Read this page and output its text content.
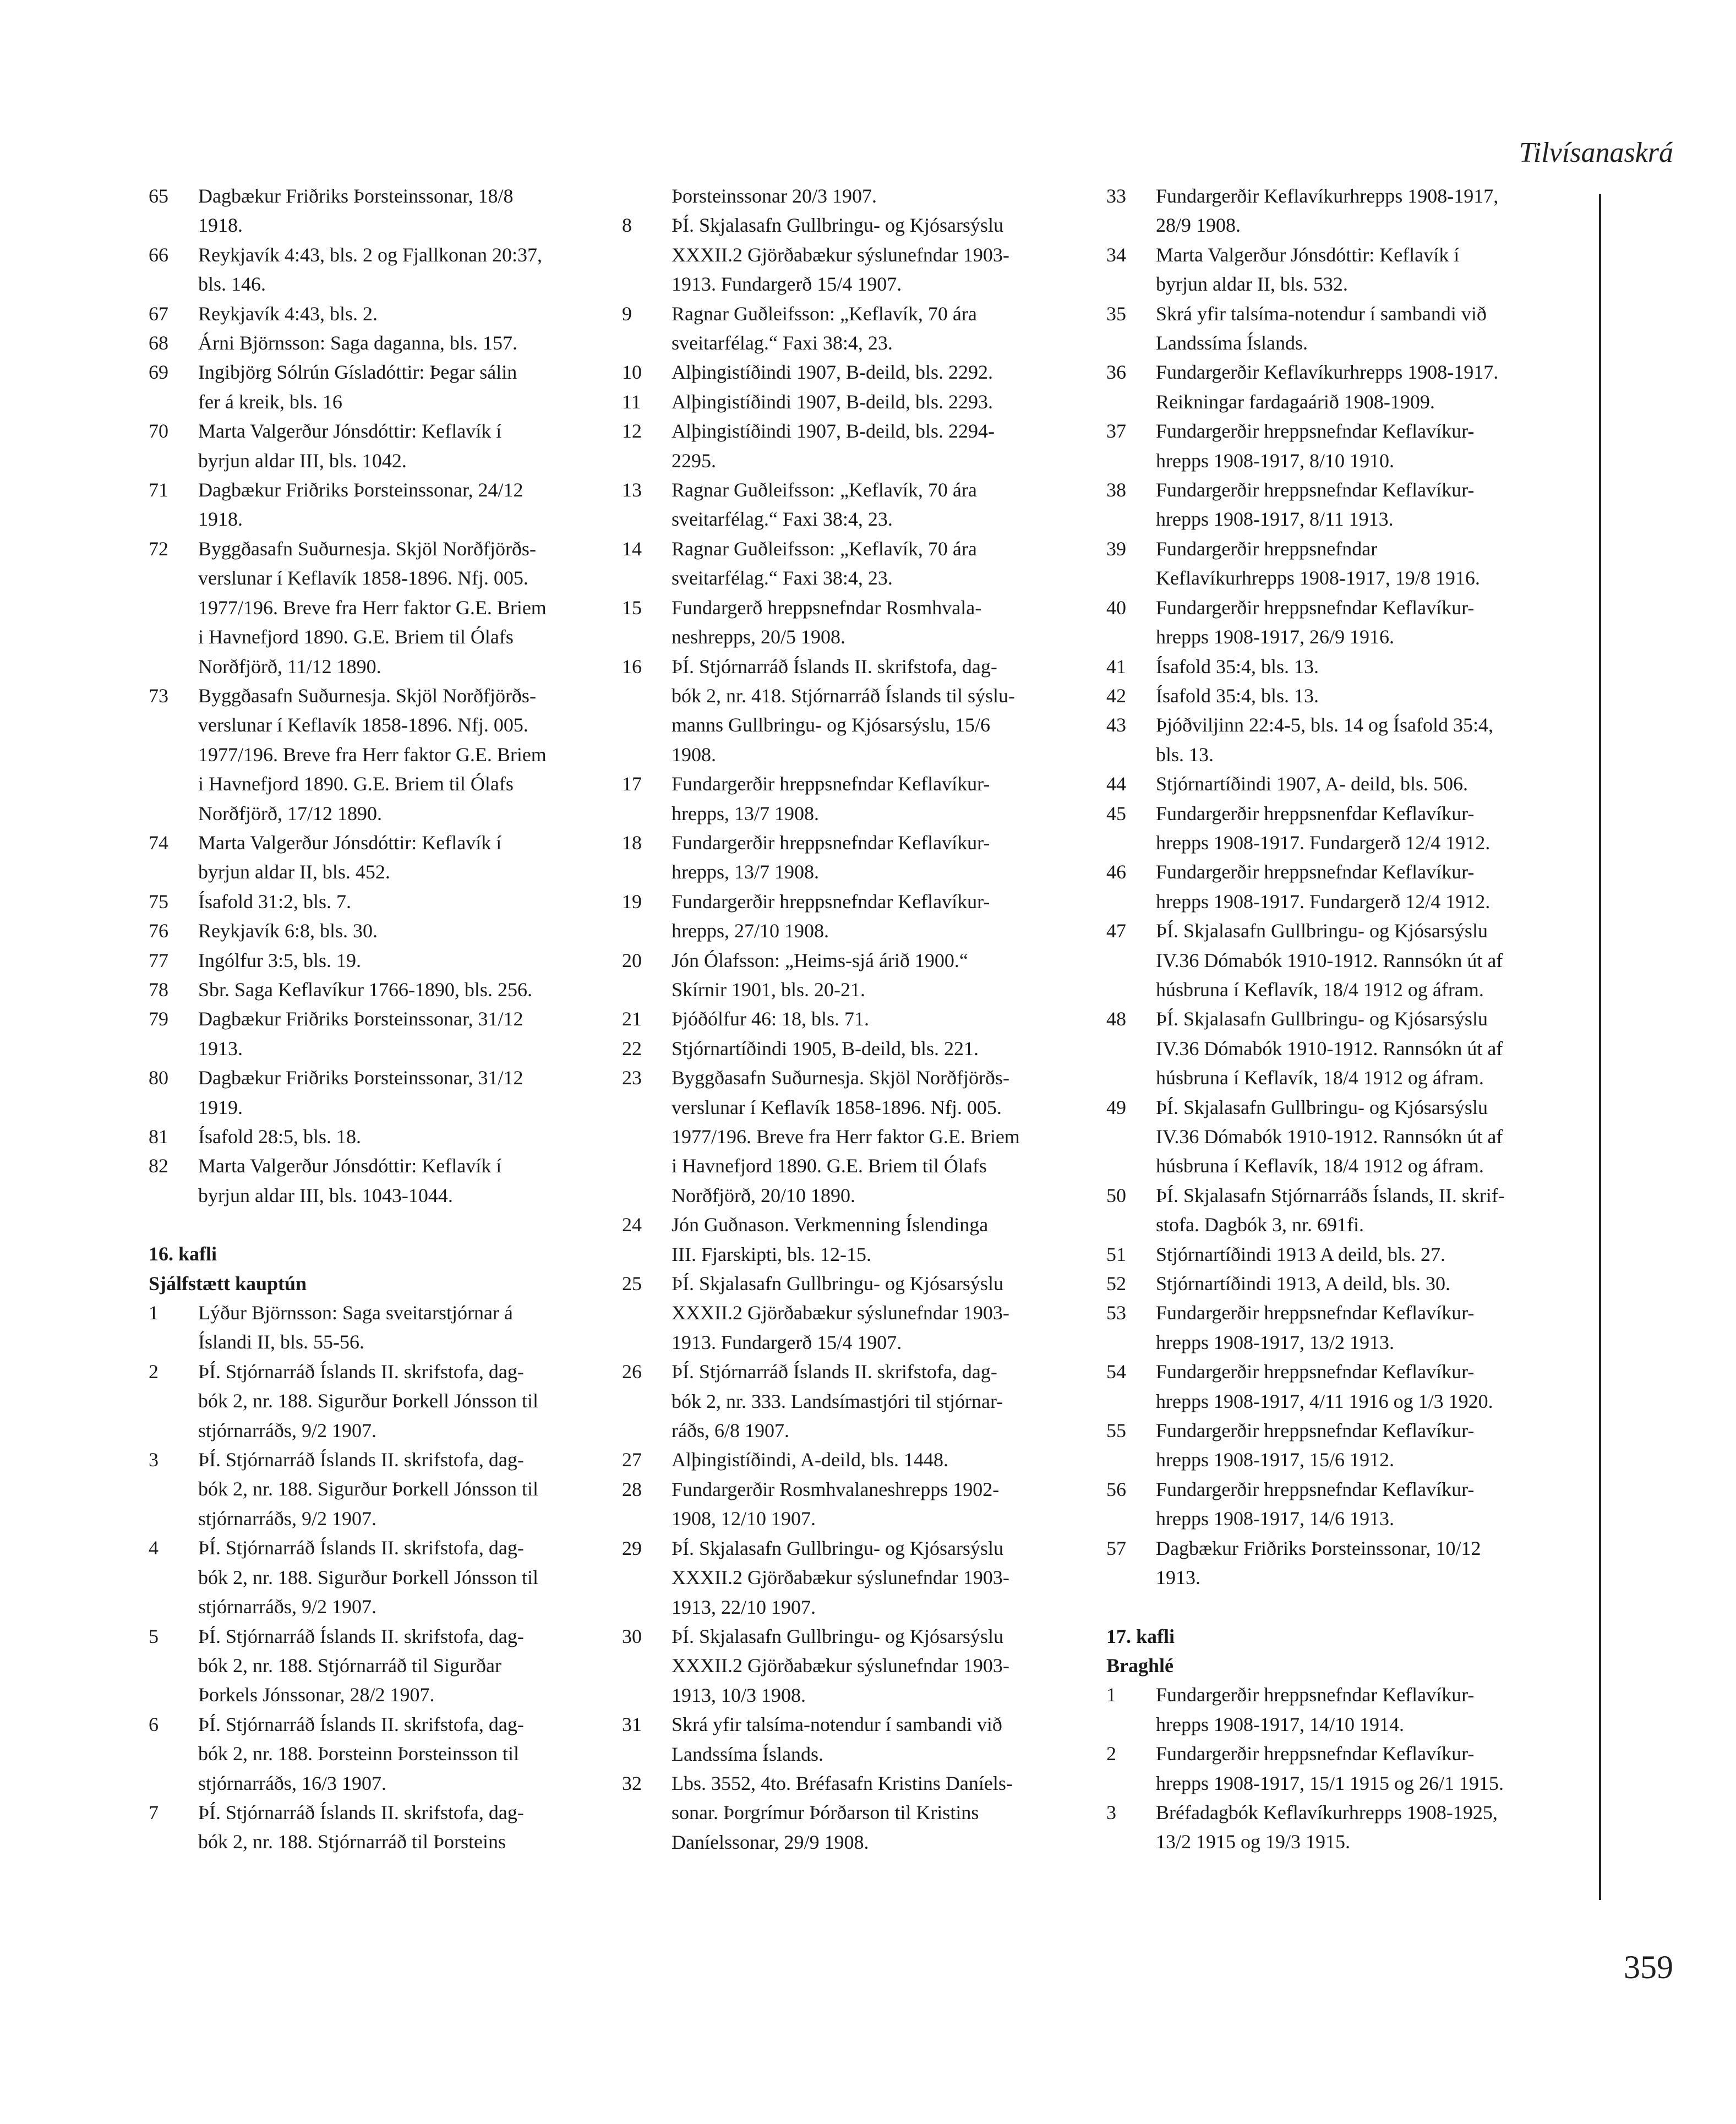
Tilvísanaskrá
65	Dagbækur Friðriks Þorsteinssonar, 18/8
1918.
66	Reykjavík 4:43, bls. 2 og Fjallkonan 20:37,
bls. 146.
67	Reykjavík 4:43, bls. 2.
68	Árni Björnsson: Saga daganna, bls. 157.
69	Ingibjörg Sólrún Gísladóttir: Þegar sálin
fer á kreik, bls. 16
70	Marta Valgerður Jónsdóttir: Keflavík í
byrjun aldar III, bls. 1042.
71	Dagbækur Friðriks Þorsteinssonar, 24/12
1918.
72	Byggðasafn Suðurnesja. Skjöl Norðfjörðs-
verslunar í Keflavík 1858-1896. Nfj. 005.
1977/196. Breve fra Herr faktor G.E. Briem
i Havnefjord 1890. G.E. Briem til Ólafs
Norðfjörð, 11/12 1890.
73	Byggðasafn Suðurnesja. Skjöl Norðfjörðs-
verslunar í Keflavík 1858-1896. Nfj. 005.
1977/196. Breve fra Herr faktor G.E. Briem
i Havnefjord 1890. G.E. Briem til Ólafs
Norðfjörð, 17/12 1890.
74	Marta Valgerður Jónsdóttir: Keflavík í
byrjun aldar II, bls. 452.
75	Ísafold 31:2, bls. 7.
76	Reykjavík 6:8, bls. 30.
77	Ingólfur 3:5, bls. 19.
78	Sbr. Saga Keflavíkur 1766-1890, bls. 256.
79	Dagbækur Friðriks Þorsteinssonar, 31/12
1913.
80	Dagbækur Friðriks Þorsteinssonar, 31/12
1919.
81	Ísafold 28:5, bls. 18.
82	Marta Valgerður Jónsdóttir: Keflavík í
byrjun aldar III, bls. 1043-1044.
16. kafli
Sjálfstætt kauptún
1	Lýður Björnsson: Saga sveitarstjórnar á
Íslandi II, bls. 55-56.
2	ÞÍ. Stjórnarráð Íslands II. skrifstofa, dag-
bók 2, nr. 188. Sigurður Þorkell Jónsson til
stjórnarráðs, 9/2 1907.
3	ÞÍ. Stjórnarráð Íslands II. skrifstofa, dag-
bók 2, nr. 188. Sigurður Þorkell Jónsson til
stjórnarráðs, 9/2 1907.
4	ÞÍ. Stjórnarráð Íslands II. skrifstofa, dag-
bók 2, nr. 188. Sigurður Þorkell Jónsson til
stjórnarráðs, 9/2 1907.
5	ÞÍ. Stjórnarráð Íslands II. skrifstofa, dag-
bók 2, nr. 188. Stjórnarráð til Sigurðar
Þorkels Jónssonar, 28/2 1907.
6	ÞÍ. Stjórnarráð Íslands II. skrifstofa, dag-
bók 2, nr. 188. Þorsteinn Þorsteinsson til
stjórnarráðs, 16/3 1907.
7	ÞÍ. Stjórnarráð Íslands II. skrifstofa, dag-
bók 2, nr. 188. Stjórnarráð til Þorsteins
Þorsteinssonar 20/3 1907.
8	ÞÍ. Skjalasafn Gullbringu- og Kjósarsýslu
XXXII.2 Gjörðabækur sýslunefndar 1903-
1913. Fundargerð 15/4 1907.
9	Ragnar Guðleifsson: „Keflavík, 70 ára
sveitarfélag.“ Faxi 38:4, 23.
10	Alþingistíðindi 1907, B-deild, bls. 2292.
11	Alþingistíðindi 1907, B-deild, bls. 2293.
12	Alþingistíðindi 1907, B-deild, bls. 2294-
2295.
13	Ragnar Guðleifsson: „Keflavík, 70 ára
sveitarfélag.“ Faxi 38:4, 23.
14	Ragnar Guðleifsson: „Keflavík, 70 ára
sveitarfélag.“ Faxi 38:4, 23.
15	Fundargerð hreppsnefndar Rosmhvala-
neshrepps, 20/5 1908.
16	ÞÍ. Stjórnarráð Íslands II. skrifstofa, dag-
bók 2, nr. 418. Stjórnarráð Íslands til sýslu-
manns Gullbringu- og Kjósarsýslu, 15/6
1908.
17	Fundargerðir hreppsnefndar Keflavíkur-
hrepps, 13/7 1908.
18	Fundargerðir hreppsnefndar Keflavíkur-
hrepps, 13/7 1908.
19	Fundargerðir hreppsnefndar Keflavíkur-
hrepps, 27/10 1908.
20	Jón Ólafsson: „Heims-sjá árið 1900.“
Skírnir 1901, bls. 20-21.
21	Þjóðólfur 46: 18, bls. 71.
22	Stjórnartíðindi 1905, B-deild, bls. 221.
23	Byggðasafn Suðurnesja. Skjöl Norðfjörðs-
verslunar í Keflavík 1858-1896. Nfj. 005.
1977/196. Breve fra Herr faktor G.E. Briem
i Havnefjord 1890. G.E. Briem til Ólafs
Norðfjörð, 20/10 1890.
24	Jón Guðnason. Verkmenning Íslendinga
III. Fjarskipti, bls. 12-15.
25	ÞÍ. Skjalasafn Gullbringu- og Kjósarsýslu
XXXII.2 Gjörðabækur sýslunefndar 1903-
1913. Fundargerð 15/4 1907.
26	ÞÍ. Stjórnarráð Íslands II. skrifstofa, dag-
bók 2, nr. 333. Landsímastjóri til stjórnar-
ráðs, 6/8 1907.
27	Alþingistíðindi, A-deild, bls. 1448.
28	Fundargerðir Rosmhvalaneshrepps 1902-
1908, 12/10 1907.
29	ÞÍ. Skjalasafn Gullbringu- og Kjósarsýslu
XXXII.2 Gjörðabækur sýslunefndar 1903-
1913, 22/10 1907.
30	ÞÍ. Skjalasafn Gullbringu- og Kjósarsýslu
XXXII.2 Gjörðabækur sýslunefndar 1903-
1913, 10/3 1908.
31	Skrá yfir talsíma-notendur í sambandi við
Landssíma Íslands.
32	Lbs. 3552, 4to. Bréfasafn Kristins Daníels-
sonar. Þorgrímur Þórðarson til Kristins
Daníelssonar, 29/9 1908.
33	Fundargerðir Keflavíkurhrepps 1908-1917,
28/9 1908.
34	Marta Valgerður Jónsdóttir: Keflavík í
byrjun aldar II, bls. 532.
35	Skrá yfir talsíma-notendur í sambandi við
Landssíma Íslands.
36	Fundargerðir Keflavíkurhrepps 1908-1917.
Reikningar fardagaárið 1908-1909.
37	Fundargerðir hreppsnefndar Keflavíkur-
hrepps 1908-1917, 8/10 1910.
38	Fundargerðir hreppsnefndar Keflavíkur-
hrepps 1908-1917, 8/11 1913.
39	Fundargerðir hreppsnefndar
Keflavíkurhrepps 1908-1917, 19/8 1916.
40	Fundargerðir hreppsnefndar Keflavíkur-
hrepps 1908-1917, 26/9 1916.
41	Ísafold 35:4, bls. 13.
42	Ísafold 35:4, bls. 13.
43	Þjóðviljinn 22:4-5, bls. 14 og Ísafold 35:4,
bls. 13.
44	Stjórnartíðindi 1907, A- deild, bls. 506.
45	Fundargerðir hreppsnenfdar Keflavíkur-
hrepps 1908-1917. Fundargerð 12/4 1912.
46	Fundargerðir hreppsnefndar Keflavíkur-
hrepps 1908-1917. Fundargerð 12/4 1912.
47	ÞÍ. Skjalasafn Gullbringu- og Kjósarsýslu
IV.36 Dómabók 1910-1912. Rannsókn út af
húsbruna í Keflavík, 18/4 1912 og áfram.
48	ÞÍ. Skjalasafn Gullbringu- og Kjósarsýslu
IV.36 Dómabók 1910-1912. Rannsókn út af
húsbruna í Keflavík, 18/4 1912 og áfram.
49	ÞÍ. Skjalasafn Gullbringu- og Kjósarsýslu
IV.36 Dómabók 1910-1912. Rannsókn út af
húsbruna í Keflavík, 18/4 1912 og áfram.
50	ÞÍ. Skjalasafn Stjórnarráðs Íslands, II. skrif-
stofa. Dagbók 3, nr. 691fi.
51	Stjórnartíðindi 1913 A deild, bls. 27.
52	Stjórnartíðindi 1913, A deild, bls. 30.
53	Fundargerðir hreppsnefndar Keflavíkur-
hrepps 1908-1917, 13/2 1913.
54	Fundargerðir hreppsnefndar Keflavíkur-
hrepps 1908-1917, 4/11 1916 og 1/3 1920.
55	Fundargerðir hreppsnefndar Keflavíkur-
hrepps 1908-1917, 15/6 1912.
56	Fundargerðir hreppsnefndar Keflavíkur-
hrepps 1908-1917, 14/6 1913.
57	Dagbækur Friðriks Þorsteinssonar, 10/12
1913.
17. kafli
Braghlé
1	Fundargerðir hreppsnefndar Keflavíkur-
hrepps 1908-1917, 14/10 1914.
2	Fundargerðir hreppsnefndar Keflavíkur-
hrepps 1908-1917, 15/1 1915 og 26/1 1915.
3	Bréfadagbók Keflavíkurhrepps 1908-1925,
13/2 1915 og 19/3 1915.
359
